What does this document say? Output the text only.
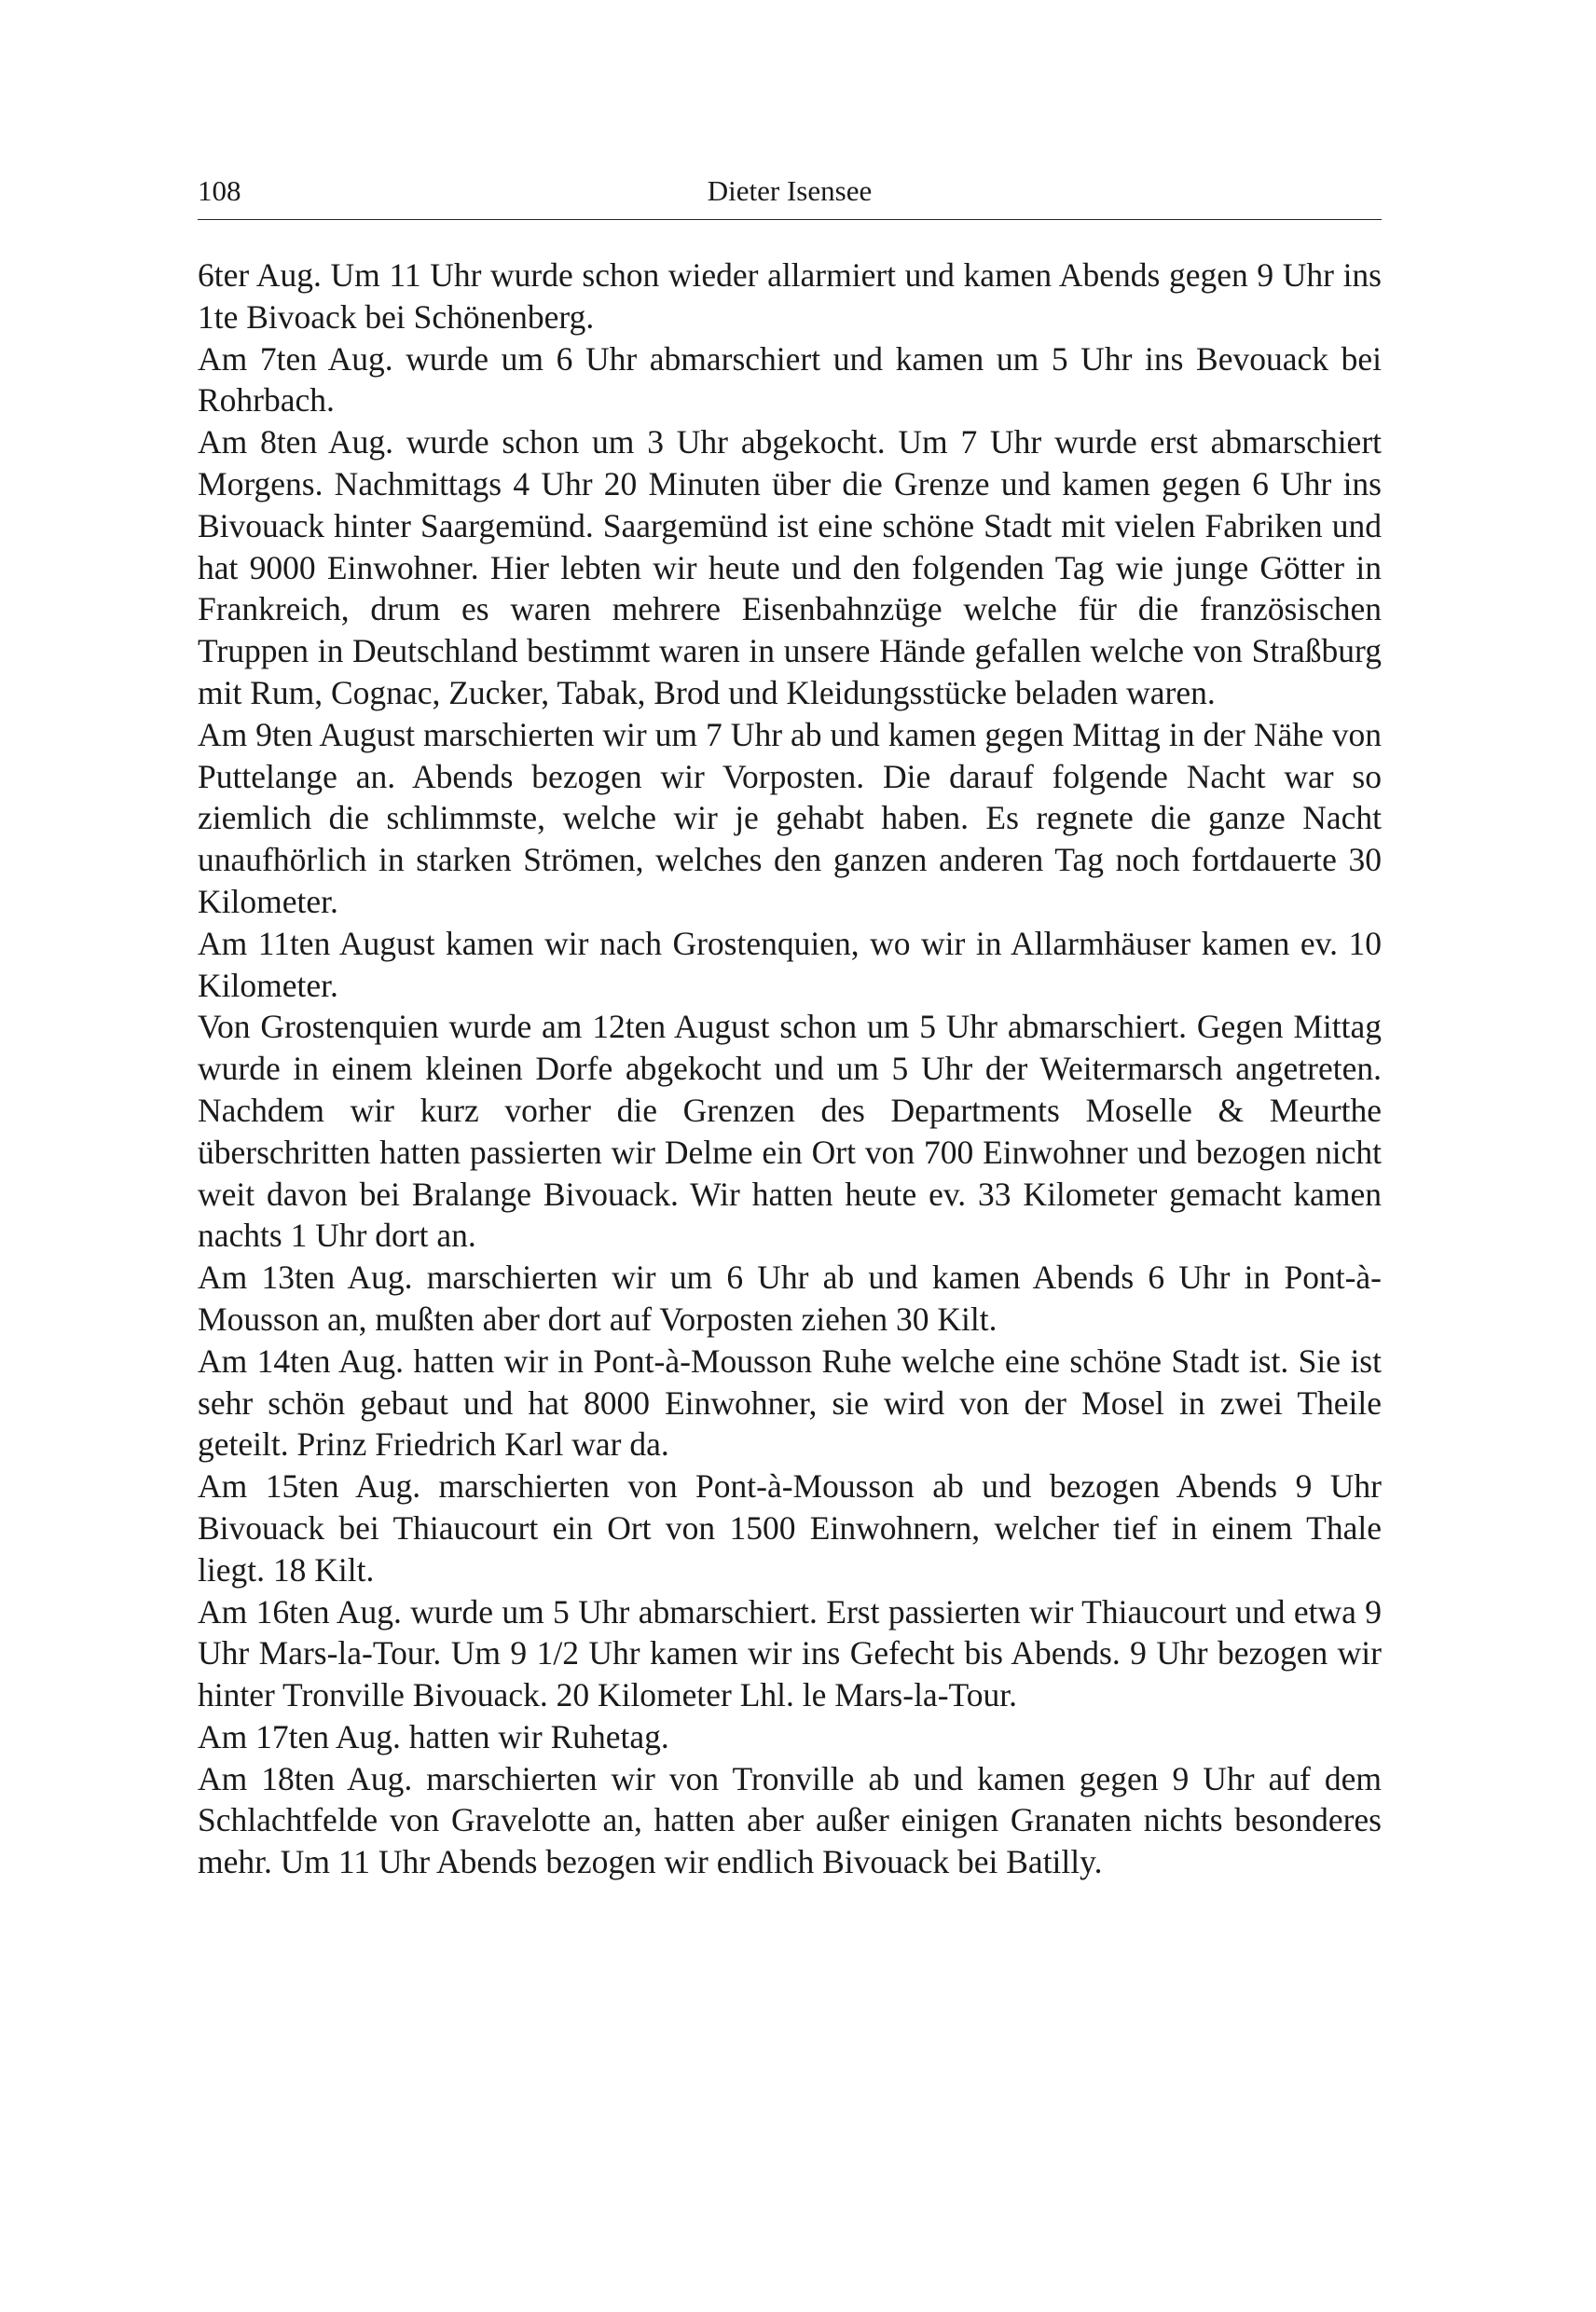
108	Dieter Isensee

6ter Aug. Um 11 Uhr wurde schon wieder allarmiert und kamen Abends gegen 9 Uhr ins 1te Bivoack bei Schönenberg.

Am 7ten Aug. wurde um 6 Uhr abmarschiert und kamen um 5 Uhr ins Bevouack bei Rohrbach.

Am 8ten Aug. wurde schon um 3 Uhr abgekocht. Um 7 Uhr wurde erst abmarschiert Morgens. Nachmittags 4 Uhr 20 Minuten über die Grenze und kamen gegen 6 Uhr ins Bivouack hinter Saargemünd. Saargemünd ist eine schöne Stadt mit vielen Fabriken und hat 9000 Einwohner. Hier lebten wir heute und den folgenden Tag wie junge Götter in Frankreich, drum es waren mehrere Eisenbahnzüge welche für die französischen Truppen in Deutschland bestimmt waren in unsere Hände gefallen welche von Straßburg mit Rum, Cognac, Zucker, Tabak, Brod und Kleidungsstücke beladen waren.

Am 9ten August marschierten wir um 7 Uhr ab und kamen gegen Mittag in der Nähe von Puttelange an. Abends bezogen wir Vorposten. Die darauf folgende Nacht war so ziemlich die schlimmste, welche wir je gehabt haben. Es regnete die ganze Nacht unaufhörlich in starken Strömen, welches den ganzen anderen Tag noch fortdauerte 30 Kilometer.

Am 11ten August kamen wir nach Grostenquien, wo wir in Allarmhäuser kamen ev. 10 Kilometer.

Von Grostenquien wurde am 12ten August schon um 5 Uhr abmarschiert. Gegen Mittag wurde in einem kleinen Dorfe abgekocht und um 5 Uhr der Weitermarsch angetreten. Nachdem wir kurz vorher die Grenzen des Departments Moselle & Meurthe überschritten hatten passierten wir Delme ein Ort von 700 Einwohner und bezogen nicht weit davon bei Bralange Bivouack. Wir hatten heute ev. 33 Kilometer gemacht kamen nachts 1 Uhr dort an.

Am 13ten Aug. marschierten wir um 6 Uhr ab und kamen Abends 6 Uhr in Pont-à-Mousson an, mußten aber dort auf Vorposten ziehen 30 Kilt.

Am 14ten Aug. hatten wir in Pont-à-Mousson Ruhe welche eine schöne Stadt ist. Sie ist sehr schön gebaut und hat 8000 Einwohner, sie wird von der Mosel in zwei Theile geteilt. Prinz Friedrich Karl war da.

Am 15ten Aug. marschierten von Pont-à-Mousson ab und bezogen Abends 9 Uhr Bivouack bei Thiaucourt ein Ort von 1500 Einwohnern, welcher tief in einem Thale liegt. 18 Kilt.

Am 16ten Aug. wurde um 5 Uhr abmarschiert. Erst passierten wir Thiaucourt und etwa 9 Uhr Mars-la-Tour. Um 9 1/2 Uhr kamen wir ins Gefecht bis Abends. 9 Uhr bezogen wir hinter Tronville Bivouack. 20 Kilometer Lhl. le Mars-la-Tour.

Am 17ten Aug. hatten wir Ruhetag.

Am 18ten Aug. marschierten wir von Tronville ab und kamen gegen 9 Uhr auf dem Schlachtfelde von Gravelotte an, hatten aber außer einigen Granaten nichts besonderes mehr. Um 11 Uhr Abends bezogen wir endlich Bivouack bei Batilly.
